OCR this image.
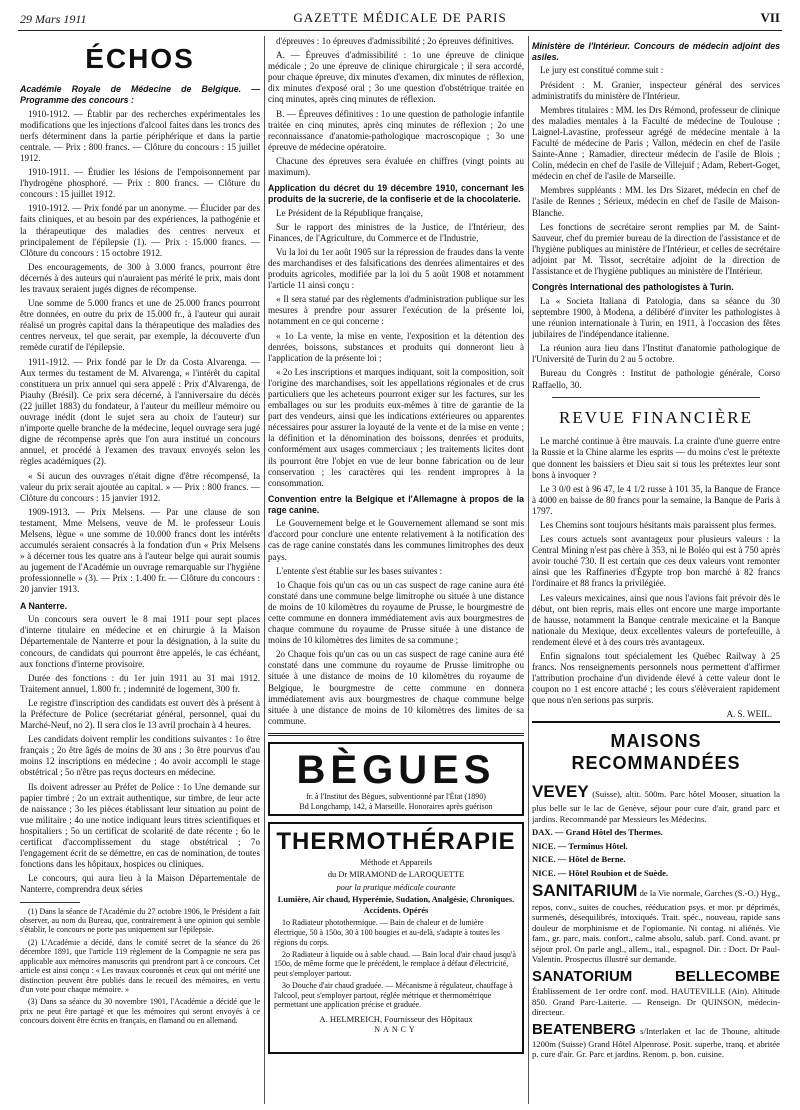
29 Mars 1911	GAZETTE MÉDICALE DE PARIS	VII
ÉCHOS
Académie Royale de Médecine de Belgique. — Programme des concours :

1910-1912. — Établir par des recherches expérimentales les modifications que les injections d'alcool faites dans les troncs des nerfs déterminent dans la partie périphérique et dans la partie centrale. — Prix : 800 francs. — Clôture du concours : 15 juillet 1912.

1910-1911. — Étudier les lésions de l'empoisonnement par l'hydrogène phosphoré. — Prix : 800 francs. — Clôture du concours : 15 juillet 1912.

1910-1912. — Prix fondé par un anonyme. — Élucider par des faits cliniques, et au besoin par des expériences, la pathogénie et la thérapeutique des maladies des centres nerveux et principalement de l'épilepsie (1). — Prix : 15.000 francs. — Clôture du concours : 15 octobre 1912.

Des encouragements, de 300 à 3.000 francs, pourront être décernés à des auteurs qui n'auraient pas mérité le prix, mais dont les travaux seraient jugés dignes de récompense.

Une somme de 5.000 francs et une de 25.000 francs pourront être données, en outre du prix de 15.000 fr., à l'auteur qui aurait réalisé un progrès capital dans la thérapeutique des maladies des centres nerveux, tel que serait, par exemple, la découverte d'un remède curatif de l'épilepsie.

1911-1912. — Prix fondé par le Dr da Costa Alvarenga. — Aux termes du testament de M. Alvarenga, « l'intérêt du capital constituera un prix annuel qui sera appelé : Prix d'Alvarenga, de Piauhy (Brésil). Ce prix sera décerné, à l'anniversaire du décès (22 juillet 1883) du fondateur, à l'auteur du meilleur mémoire ou ouvrage inédit (dont le sujet sera au choix de l'auteur) sur n'importe quelle branche de la médecine, lequel ouvrage sera jugé digne de récompense après que l'on aura institué un concours annuel, et procédé à l'examen des travaux envoyés selon les règles académiques (2).

« Si aucun des ouvrages n'était digne d'être récompensé, la valeur du prix serait ajoutée au capital. » — Prix : 800 francs. — Clôture du concours : 15 janvier 1912.

1909-1913. — Prix Melsens. — Par une clause de son testament, Mme Melsens, veuve de M. le professeur Louis Melsens, lègue « une somme de 10.000 francs dont les intérêts accumulés seraient consacrés à la fondation d'un « Prix Melsens » à décerner tous les quatre ans à l'auteur belge qui aurait soumis au jugement de l'Académie un ouvrage remarquable sur l'hygiène professionnelle » (3). — Prix : 1.400 fr. — Clôture du concours : 20 janvier 1913.

A Nanterre.

Un concours sera ouvert le 8 mai 1911 pour sept places d'interne titulaire en médecine et en chirurgie à la Maison Départementale de Nanterre et pour la désignation, à la suite du concours, de candidats qui pourront être appelés, le cas échéant, aux fonctions d'interne provisoire.

Durée des fonctions : du 1er juin 1911 au 31 mai 1912. Traitement annuel, 1.800 fr. ; indemnité de logement, 300 fr.

Le registre d'inscription des candidats est ouvert dès à présent à la Préfecture de Police (secrétariat général, personnel, quai du Marché-Neuf, no 2). Il sera clos le 13 avril prochain à 4 heures.

Les candidats doivent remplir les conditions suivantes : 1o être français ; 2o être âgés de moins de 30 ans ; 3o être pourvus d'au moins 12 inscriptions en médecine ; 4o avoir accompli le stage obstétrical ; 5o n'être pas reçus docteurs en médecine.

Ils doivent adresser au Préfet de Police : 1o Une demande sur papier timbré ; 2o un extrait authentique, sur timbre, de leur acte de naissance ; 3o les pièces établissant leur situation au point de vue militaire ; 4o une notice indiquant leurs titres scientifiques et hospitaliers ; 5o un certificat de scolarité de date récente ; 6o le certificat d'accomplissement du stage obstétrical ; 7o l'engagement écrit de se démettre, en cas de nomination, de toutes fonctions dans les hôpitaux, hospices ou cliniques.

Le concours, qui aura lieu à la Maison Départementale de Nanterre, comprendra deux séries

(1) Dans la séance de l'Académie du 27 octobre 1906, le Président a fait observer, au nom du Bureau, que, contrairement à une opinion qui semble s'établir, le concours ne porte pas uniquement sur l'épilepsie.

(2) L'Académie a décidé, dans le comité secret de la séance du 26 décembre 1891, que l'article 119 règlement de la Compagnie ne sera pas applicable aux mémoires manuscrits qui prendront part à ce concours. Cet article est ainsi conçu : « Les travaux couronnés et ceux qui ont mérité une distinction peuvent être publiés dans le recueil des mémoires, en vertu d'un vote pour chaque mémoire. »

(3) Dans sa séance du 30 novembre 1901, l'Académie a décidé que le prix ne peut être partagé et que les mémoires qui seront envoyés à ce concours doivent être écrits en français, en flamand ou en allemand.

d'épreuves : 1o épreuves d'admissibilité ; 2o épreuves définitives.

A. — Épreuves d'admissibilité : 1o une épreuve de clinique médicale ; 2o une épreuve de clinique chirurgicale ; il sera accordé, pour chaque épreuve, dix minutes d'examen, dix minutes de réflexion, dix minutes d'exposé oral ; 3o une question d'obstétrique traitée en cinq minutes, après cinq minutes de réflexion.

B. — Épreuves définitives : 1o une question de pathologie infantile traitée en cinq minutes, après cinq minutes de réflexion ; 2o une reconnaissance d'anatomie-pathologique macroscopique ; 3o une épreuve de médecine opératoire.

Chacune des épreuves sera évaluée en chiffres (vingt points au maximum).

Application du décret du 19 décembre 1910, concernant les produits de la sucrerie, de la confiserie et de la chocolaterie.

Le Président de la République française,

Sur le rapport des ministres de la Justice, de l'Intérieur, des Finances, de l'Agriculture, du Commerce et de l'Industrie,

Vu la loi du 1er août 1905 sur la répression de fraudes dans la vente des marchandises et des falsifications des denrées alimentaires et des produits agricoles, modifiée par la loi du 5 août 1908 et notamment l'article 11 ainsi conçu :

« Il sera statué par des règlements d'administration publique sur les mesures à prendre pour assurer l'exécution de la présente loi, notamment en ce qui concerne :

« 1o La vente, la mise en vente, l'exposition et la détention des denrées, boissons, substances et produits qui donneront lieu à l'application de la présente loi ;

« 2o Les inscriptions et marques indiquant, soit la composition, soit l'origine des marchandises, soit les appellations régionales et de crus particuliers que les acheteurs pourront exiger sur les factures, sur les emballages ou sur les produits eux-mêmes à titre de garantie de la part des vendeurs, ainsi que les indications extérieures ou apparentes nécessaires pour assurer la loyauté de la vente et de la mise en vente ; la définition et la dénomination des boissons, denrées et produits, conformément aux usages commerciaux ; les traitements licites dont ils pourront être l'objet en vue de leur bonne fabrication ou de leur conservation ; les caractères qui les rendent impropres à la consommation.

Convention entre la Belgique et l'Allemagne à propos de la rage canine.

Le Gouvernement belge et le Gouvernement allemand se sont mis d'accord pour conclure une entente relativement à la notification des cas de rage canine constatés dans les communes limitrophes des deux pays.

L'entente s'est établie sur les bases suivantes :

1o Chaque fois qu'un cas ou un cas suspect de rage canine aura été constaté dans une commune belge limitrophe ou située à une distance de moins de 10 kilomètres du royaume de Prusse, le bourgmestre de cette commune en donnera immédiatement avis aux bourgmestres de chaque commune du royaume de Prusse située à une distance de moins de 10 kilomètres des limites de sa commune ;

2o Chaque fois qu'un cas ou un cas suspect de rage canine aura été constaté dans une commune du royaume de Prusse limitrophe ou située à une distance de moins de 10 kilomètres du royaume de Belgique, le bourgmestre de cette commune en donnera immédiatement avis aux bourgmestres de chaque commune belge située à une distance de moins de 10 kilomètres des limites de sa commune.

BÈGUES
fr. à l'Institut des Bègues, subventionné par l'État (1890)
Bd Longchamp, 142, à Marseille. Honoraires après guérison
THERMOTHÉRAPIE
Méthode et Appareils
du Dr MIRAMOND de LAROQUETTE
pour la pratique médicale courante
Lumière, Air chaud, Hyperémie, Sudation, Analgésie, Chroniques. Accidents. Opérés
1o Radiateur photothermique. — Bain de chaleur et de lumière électrique, 50 à 150o, 30 à 100 bougies et au-delà, s'adapte à toutes les régions du corps.
2o Radiateur à liquide ou à sable chaud. — Bain local d'air chaud jusqu'à 150o, de même forme que le précédent, le remplace à défaut d'électricité, peut s'employer partout.
3o Douche d'air chaud graduée. — Mécanisme à régulateur, chauffage à l'alcool, peut s'employer partout, réglée métrique et thermométrique permettant une application précise et graduée.
A. HELMREICH, Fournisseur des Hôpitaux
NANCY
Ministère de l'Intérieur. Concours de médecin adjoint des asiles.

Le jury est constitué comme suit :

Président : M. Granier, inspecteur général des services administratifs du ministère de l'Intérieur.

Membres titulaires : MM. les Drs Rémond, professeur de clinique des maladies mentales à la Faculté de médecine de Toulouse ; Laignel-Lavastine, professeur agrégé de médecine mentale à la Faculté de médecine de Paris ; Vallon, médecin en chef de l'asile Sainte-Anne ; Ramadier, directeur médecin de l'asile de Blois ; Colin, médecin en chef de l'asile de Villejuif ; Adam, Rebert-Goget, médecin en chef de l'asile de Marseille.

Membres suppléants : MM. les Drs Sizaret, médecin en chef de l'asile de Rennes ; Sérieux, médecin en chef de l'asile de Maison-Blanche.

Les fonctions de secrétaire seront remplies par M. de Saint-Sauveur, chef du premier bureau de la direction de l'assistance et de l'hygiène publiques au ministère de l'Intérieur, et celles de secrétaire adjoint par M. Tissot, secrétaire adjoint de la direction de l'assistance et de l'hygiène publiques au ministère de l'Intérieur.

Congrès International des pathologistes à Turin.

La « Societa Italiana di Patologia, dans sa séance du 30 septembre 1900, à Modena, a délibéré d'inviter les pathologistes à une réunion internationale à Turin, en 1911, à l'occasion des fêtes jubilaires de l'indépendance italienne.

La réunion aura lieu dans l'Institut d'anatomie pathologique de l'Université de Turin du 2 au 5 octobre.

Bureau du Congrès : Institut de pathologie générale, Corso Raffaello, 30.

REVUE FINANCIÈRE

Le marché continue à être mauvais. La crainte d'une guerre entre la Russie et la Chine alarme les esprits — du moins c'est le prétexte que donnent les baissiers et Dieu sait si tous les prétextes leur sont bons à invoquer ?

Le 3 0/0 est à 96 47, le 4 1/2 russe à 101 35, la Banque de France à 4000 en baisse de 80 francs pour la semaine, la Banque de Paris à 1797.

Les Chemins sont toujours hésitants mais paraissent plus fermes.

Les cours actuels sont avantageux pour plusieurs valeurs : la Central Mining n'est pas chère à 353, ni le Boléo qui est à 750 après avoir touché 730. Il est certain que ces deux valeurs vont remonter ainsi que les Raffineries d'Égypte trop bon marché à 82 francs l'ordinaire et 88 francs la privilégiée.

Les valeurs mexicaines, ainsi que nous l'avions fait prévoir dès le début, ont bien repris, mais elles ont encore une marge importante de hausse, notamment la Banque centrale mexicaine et la Banque nationale du Mexique, deux excellentes valeurs de portefeuille, à rendement élevé et à des cours très avantageux.

Enfin signalons tout spécialement les Québec Railway à 25 francs. Nos renseignements personnels nous permettent d'affirmer l'attribution prochaine d'un dividende élevé à cette valeur dont le coupon no 1 est encore attaché ; les cours s'élèveraient rapidement que nous n'en serions pas surpris.

A. S. WEIL.
MAISONS RECOMMANDÉES

VEVEY (Suisse), altit. 500m. Parc hôtel Mooser, situation la plus belle sur le lac de Genève, séjour pour cure d'air, grand parc et jardins. Recommandé par Messieurs les Médecins.

DAX. — Grand Hôtel des Thermes.

NICE. — Terminus Hôtel.

NICE. — Hôtel de Berne.

NICE. — Hôtel Roubion et de Suède.

SANITARIUM de la Vie normale, Garches (S.-O.) Hyg., repos, conv., suites de couches, rééducation psys. et mor. pr déprimés, surmenés, désequilibrés, intoxiqués. Trait. spéc., nouveau, rapide sans douleur de morphinisme et de l'opiomanie. Ni contag. ni aliénés. Vie fam., gr. parc, mais. confort., calme absolu, salub. parf. Cond. avant. pr séjour prol. On parle angl., allem., ital., espagnol. Dir. : Doct. Dr Paul-Valentin. Prospectus illustré sur demande.

SANATORIUM BELLECOMBE Établissement de 1er ordre conf. mod. HAUTEVILLE (Ain). Altitude 850. Grand Parc-Laiterie. — Renseign. Dr QUINSON, médecin-directeur.

BEATENBERG s/Interlaken et lac de Thoune, altitude 1200m (Suisse) Grand Hôtel Alpenrose. Posit. superbe, tranq. et abritée p. cure d'air. Gr. Parc et jardins. Renom. p. bon. cuisine.
